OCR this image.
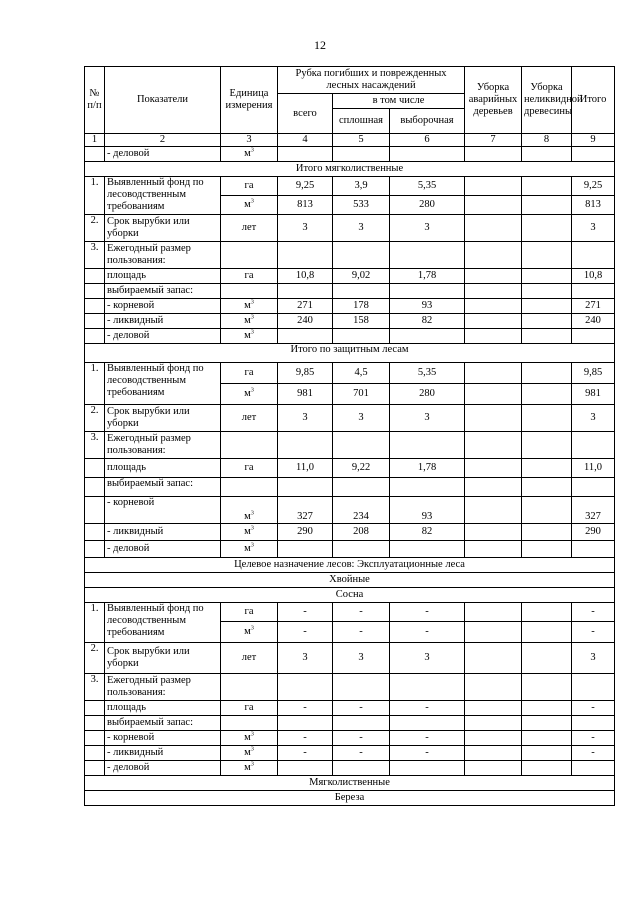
12
№ п/п	Показатели	Единица измерения	Рубка погибших и поврежденных лесных насаждений			Уборка аварийных деревьев	Уборка неликвидной древесины	Итого
			всего	в том числе				
				сплошная	выборочная			
1	2	3	4	5	6	7	8	9
	- деловой	$м^3$						
Итого мягколиственные								
1.	Выявленный фонд по лесоводственным требованиям	га	9,25	3,9	5,35			9,25
		$м^3$	813	533	280			813
2.	Срок вырубки или уборки	лет	3	3	3			3
3.	Ежегодный размер пользования:							
	площадь	га	10,8	9,02	1,78			10,8
	выбираемый запас:							
	- корневой	$м^3$	271	178	93			271
	- ликвидный	$м^3$	240	158	82			240
	- деловой	$м^3$						
Итого по защитным лесам								
1.	Выявленный фонд по лесоводственным требованиям	га	9,85	4,5	5,35			9,85
		$м^3$	981	701	280			981
2.	Срок вырубки или уборки	лет	3	3	3			3
3.	Ежегодный размер пользования:							
	площадь	га	11,0	9,22	1,78			11,0
	выбираемый запас:							
	- корневой	$м^3$	327	234	93			327
	- ликвидный	$м^3$	290	208	82			290
	- деловой	$м^3$						
Целевое назначение лесов: Эксплуатационные леса								
Хвойные								
Сосна								
1.	Выявленный фонд по лесоводственным требованиям	га	-	-	-			-
		$м^3$	-	-	-			-
2.	Срок вырубки или уборки	лет	3	3	3			3
3.	Ежегодный размер пользования:							
	площадь	га	-	-	-			-
	выбираемый запас:							
	- корневой	$м^3$	-	-	-			-
	- ликвидный	$м^3$	-	-	-			-
	- деловой	$м^3$						
Мягколиственные								
Береза								
